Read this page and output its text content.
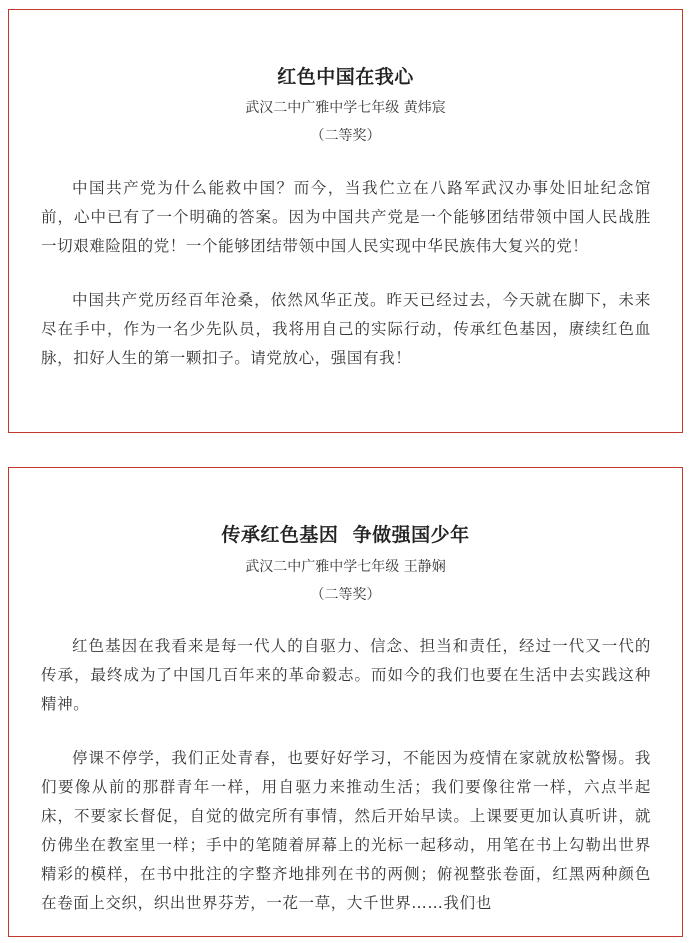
红色中国在我心
武汉二中广雅中学七年级 黄炜宸
（二等奖）

中国共产党为什么能救中国？而今，当我伫立在八路军武汉办事处旧址纪念馆前，心中已有了一个明确的答案。因为中国共产党是一个能够团结带领中国人民战胜一切艰难险阻的党！一个能够团结带领中国人民实现中华民族伟大复兴的党！

中国共产党历经百年沧桑，依然风华正茂。昨天已经过去，今天就在脚下，未来尽在手中，作为一名少先队员，我将用自己的实际行动，传承红色基因，赓续红色血脉，扣好人生的第一颗扣子。请党放心，强国有我！

传承红色基因  争做强国少年
武汉二中广雅中学七年级 王静娴
（二等奖）

红色基因在我看来是每一代人的自驱力、信念、担当和责任，经过一代又一代的传承，最终成为了中国几百年来的革命毅志。而如今的我们也要在生活中去实践这种精神。

停课不停学，我们正处青春，也要好好学习，不能因为疫情在家就放松警惕。我们要像从前的那群青年一样，用自驱力来推动生活；我们要像往常一样，六点半起床，不要家长督促，自觉的做完所有事情，然后开始早读。上课要更加认真听讲，就仿佛坐在教室里一样；手中的笔随着屏幕上的光标一起移动，用笔在书上勾勒出世界精彩的模样，在书中批注的字整齐地排列在书的两侧；俯视整张卷面，红黑两种颜色在卷面上交织，织出世界芬芳，一花一草，大千世界……我们也
